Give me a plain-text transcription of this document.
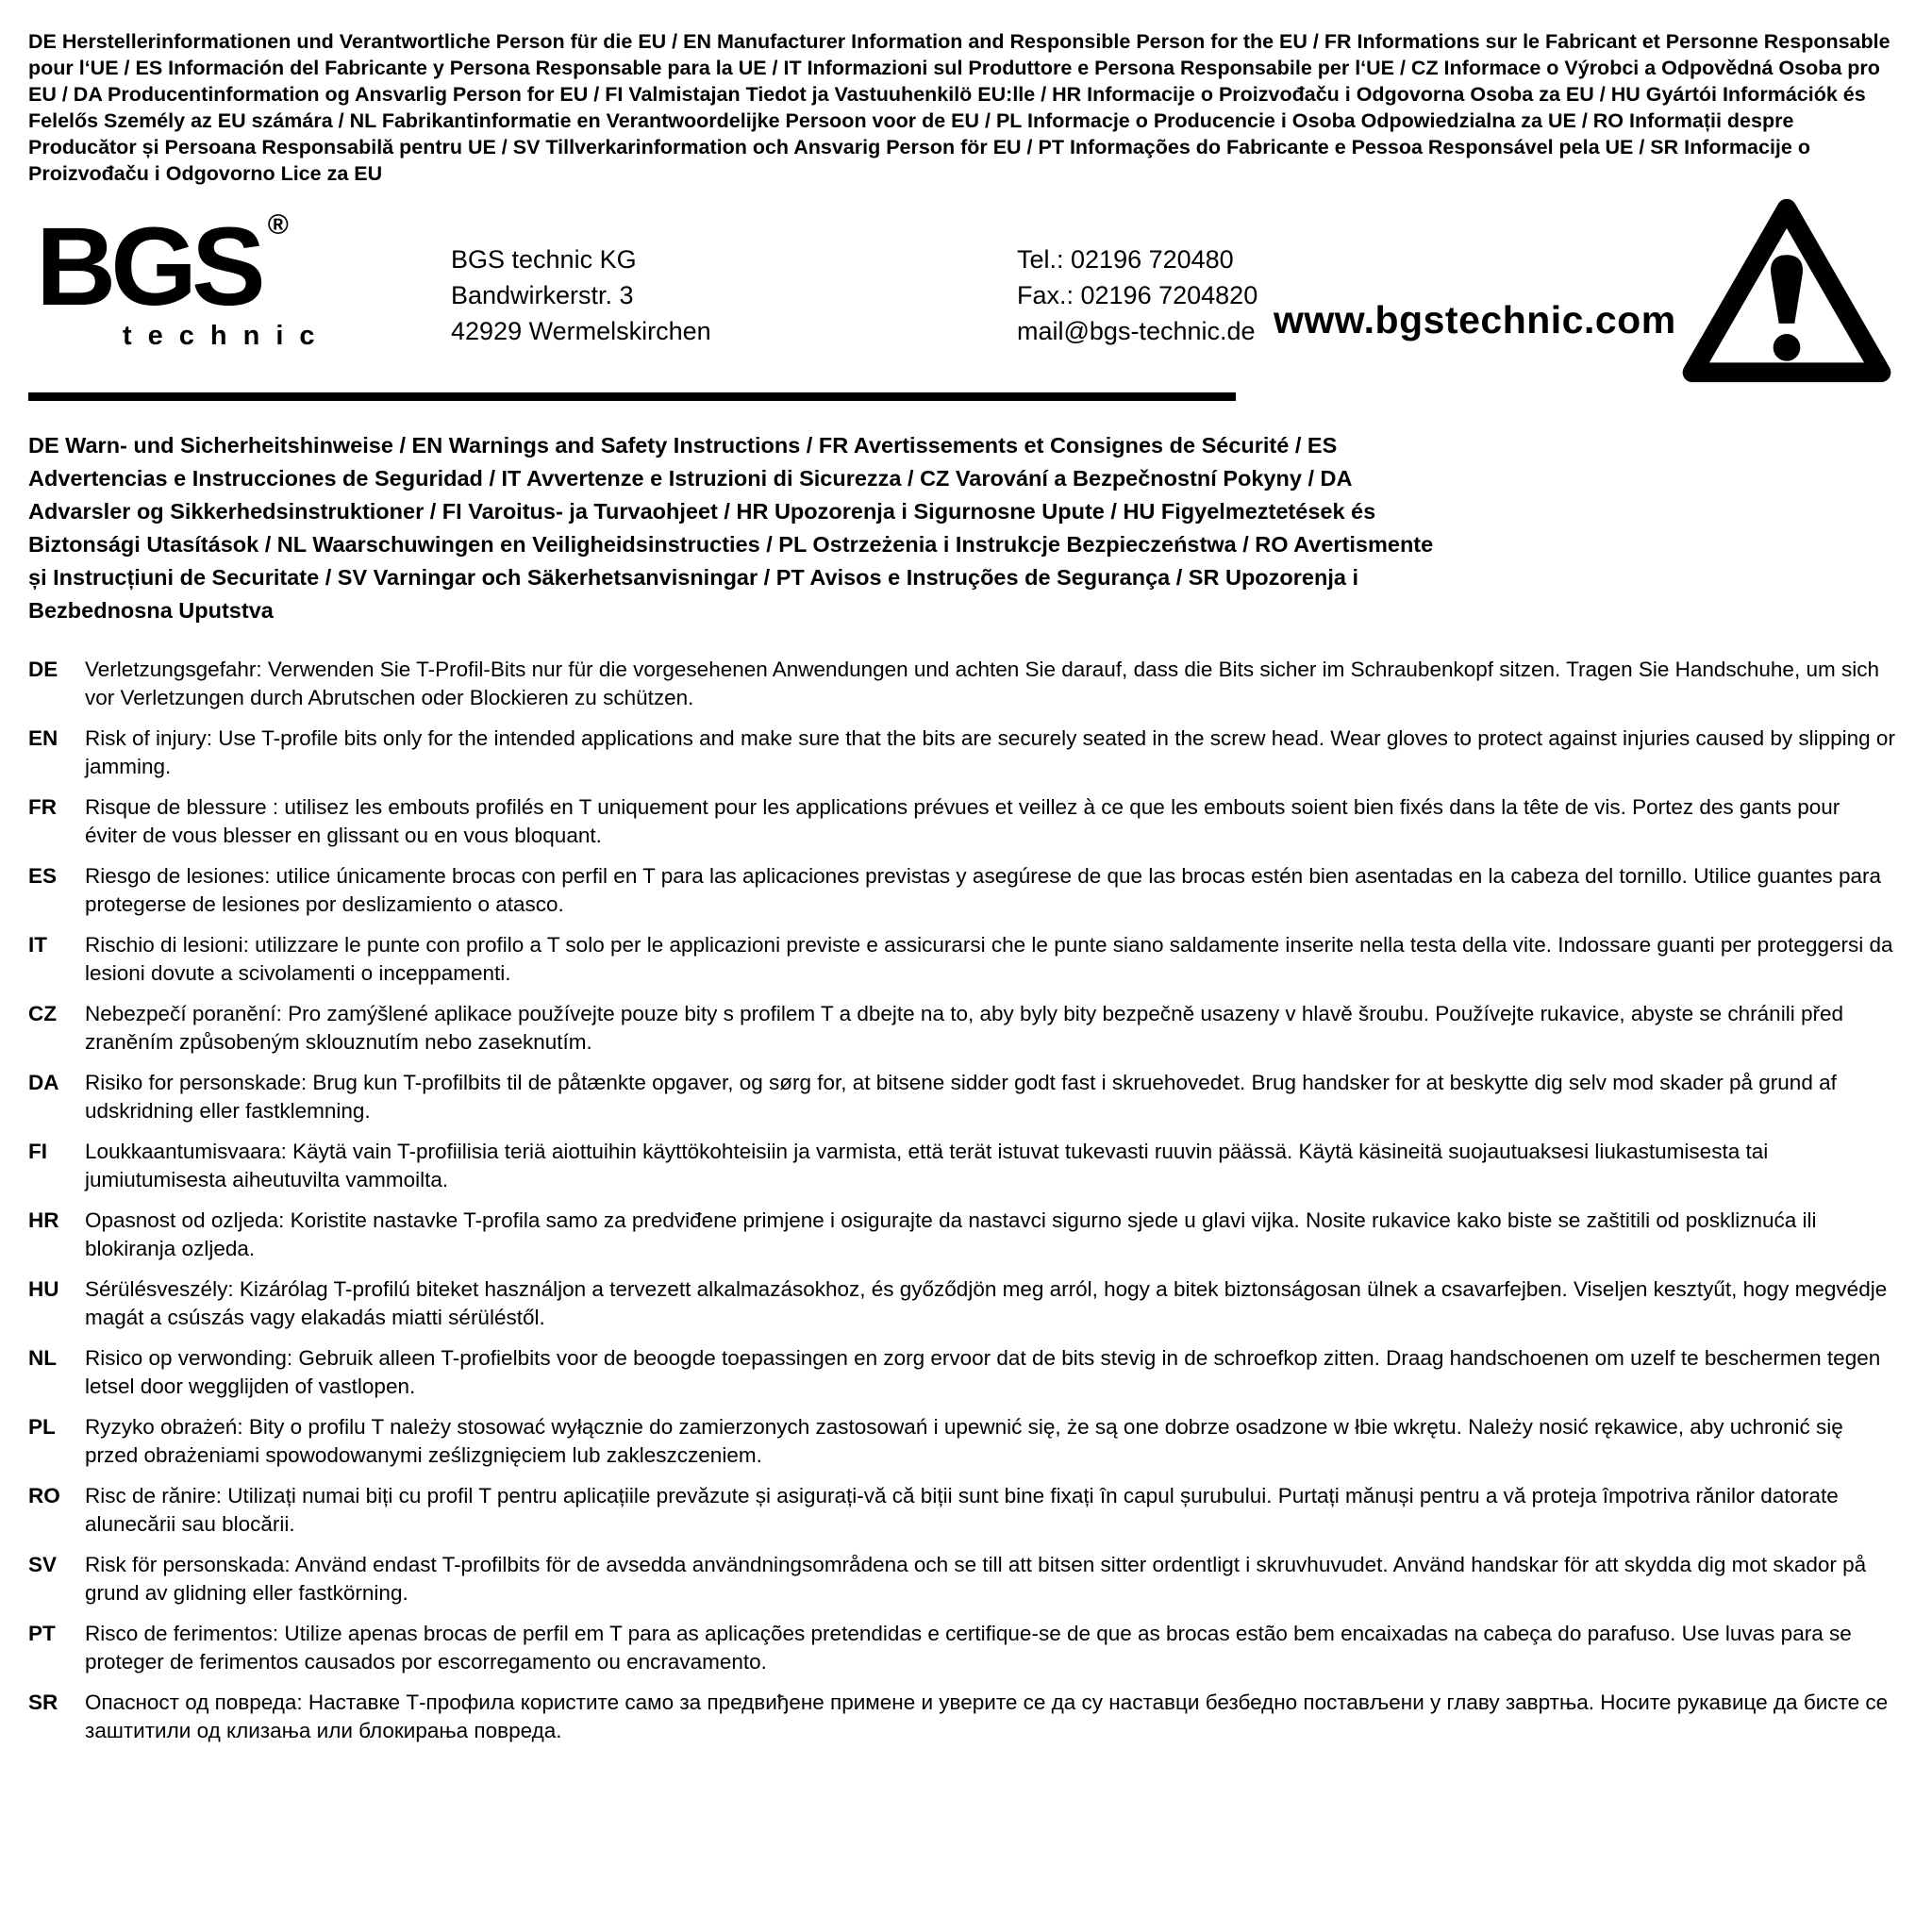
DE Herstellerinformationen und Verantwortliche Person für die EU / EN Manufacturer Information and Responsible Person for the EU / FR Informations sur le Fabricant et Personne Responsable pour l‘UE / ES Información del Fabricante y Persona Responsable para la UE / IT Informazioni sul Produttore e Persona Responsabile per l‘UE / CZ Informace o Výrobci a Odpovědná Osoba pro EU / DA Producentinformation og Ansvarlig Person for EU / FI Valmistajan Tiedot ja Vastuuhenkilö EU:lle / HR Informacije o Proizvođaču i Odgovorna Osoba za EU / HU Gyártói Információk és Felelős Személy az EU számára / NL Fabrikantinformatie en Verantwoordelijke Persoon voor de EU / PL Informacje o Producencie i Osoba Odpowiedzialna za UE / RO Informații despre Producător și Persoana Responsabilă pentru UE / SV Tillverkarinformation och Ansvarig Person för EU / PT Informações do Fabricante e Pessoa Responsável pela UE / SR Informacije o Proizvođaču i Odgovorno Lice za EU

BGS ®
technic
BGS technic KG
Bandwirkerstr. 3
42929 Wermelskirchen
Tel.: 02196 720480
Fax.: 02196 7204820
mail@bgs-technic.de www.bgstechnic.com

DE Warn- und Sicherheitshinweise / EN Warnings and Safety Instructions / FR Avertissements et Consignes de Sécurité / ES Advertencias e Instrucciones de Seguridad / IT Avvertenze e Istruzioni di Sicurezza / CZ Varování a Bezpečnostní Pokyny / DA Advarsler og Sikkerhedsinstruktioner / FI Varoitus- ja Turvaohjeet / HR Upozorenja i Sigurnosne Upute / HU Figyelmeztetések és Biztonsági Utasítások / NL Waarschuwingen en Veiligheidsinstructies / PL Ostrzeżenia i Instrukcje Bezpieczeństwa / RO Avertismente și Instrucțiuni de Securitate / SV Varningar och Säkerhetsanvisningar / PT Avisos e Instruções de Segurança / SR Upozorenja i Bezbednosna Uputstva

DE	Verletzungsgefahr: Verwenden Sie T-Profil-Bits nur für die vorgesehenen Anwendungen und achten Sie darauf, dass die Bits sicher im Schraubenkopf sitzen. Tragen Sie Handschuhe, um sich vor Verletzungen durch Abrutschen oder Blockieren zu schützen.
EN	Risk of injury: Use T-profile bits only for the intended applications and make sure that the bits are securely seated in the screw head. Wear gloves to protect against injuries caused by slipping or jamming.
FR	Risque de blessure : utilisez les embouts profilés en T uniquement pour les applications prévues et veillez à ce que les embouts soient bien fixés dans la tête de vis. Portez des gants pour éviter de vous blesser en glissant ou en vous bloquant.
ES	Riesgo de lesiones: utilice únicamente brocas con perfil en T para las aplicaciones previstas y asegúrese de que las brocas estén bien asentadas en la cabeza del tornillo. Utilice guantes para protegerse de lesiones por deslizamiento o atasco.
IT	Rischio di lesioni: utilizzare le punte con profilo a T solo per le applicazioni previste e assicurarsi che le punte siano saldamente inserite nella testa della vite. Indossare guanti per proteggersi da lesioni dovute a scivolamenti o inceppamenti.
CZ	Nebezpečí poranění: Pro zamýšlené aplikace používejte pouze bity s profilem T a dbejte na to, aby byly bity bezpečně usazeny v hlavě šroubu. Používejte rukavice, abyste se chránili před zraněním způsobeným sklouznutím nebo zaseknutím.
DA	Risiko for personskade: Brug kun T-profilbits til de påtænkte opgaver, og sørg for, at bitsene sidder godt fast i skruehovedet. Brug handsker for at beskytte dig selv mod skader på grund af udskridning eller fastklemning.
FI	Loukkaantumisvaara: Käytä vain T-profiilisia teriä aiottuihin käyttökohteisiin ja varmista, että terät istuvat tukevasti ruuvin päässä. Käytä käsineitä suojautuaksesi liukastumisesta tai jumiutumisesta aiheutuvilta vammoilta.
HR	Opasnost od ozljeda: Koristite nastavke T-profila samo za predviđene primjene i osigurajte da nastavci sigurno sjede u glavi vijka. Nosite rukavice kako biste se zaštitili od poskliznuća ili blokiranja ozljeda.
HU	Sérülésveszély: Kizárólag T-profilú biteket használjon a tervezett alkalmazásokhoz, és győződjön meg arról, hogy a bitek biztonságosan ülnek a csavarfejben. Viseljen kesztyűt, hogy megvédje magát a csúszás vagy elakadás miatti sérüléstől.
NL	Risico op verwonding: Gebruik alleen T-profielbits voor de beoogde toepassingen en zorg ervoor dat de bits stevig in de schroefkop zitten. Draag handschoenen om uzelf te beschermen tegen letsel door wegglijden of vastlopen.
PL	Ryzyko obrażeń: Bity o profilu T należy stosować wyłącznie do zamierzonych zastosowań i upewnić się, że są one dobrze osadzone w łbie wkrętu. Należy nosić rękawice, aby uchronić się przed obrażeniami spowodowanymi ześlizgnięciem lub zakleszczeniem.
RO	Risc de rănire: Utilizați numai biți cu profil T pentru aplicațiile prevăzute și asigurați-vă că biții sunt bine fixați în capul șurubului. Purtați mănuși pentru a vă proteja împotriva rănilor datorate alunecării sau blocării.
SV	Risk för personskada: Använd endast T-profilbits för de avsedda användningsområdena och se till att bitsen sitter ordentligt i skruvhuvudet. Använd handskar för att skydda dig mot skador på grund av glidning eller fastkörning.
PT	Risco de ferimentos: Utilize apenas brocas de perfil em T para as aplicações pretendidas e certifique-se de que as brocas estão bem encaixadas na cabeça do parafuso. Use luvas para se proteger de ferimentos causados por escorregamento ou encravamento.
SR	Опасност од повреда: Наставке Т-профила користите само за предвиђене примене и уверите се да су наставци безбедно постављени у главу завртња. Носите рукавице да бисте се заштитили од клизања или блокирања повреда.
